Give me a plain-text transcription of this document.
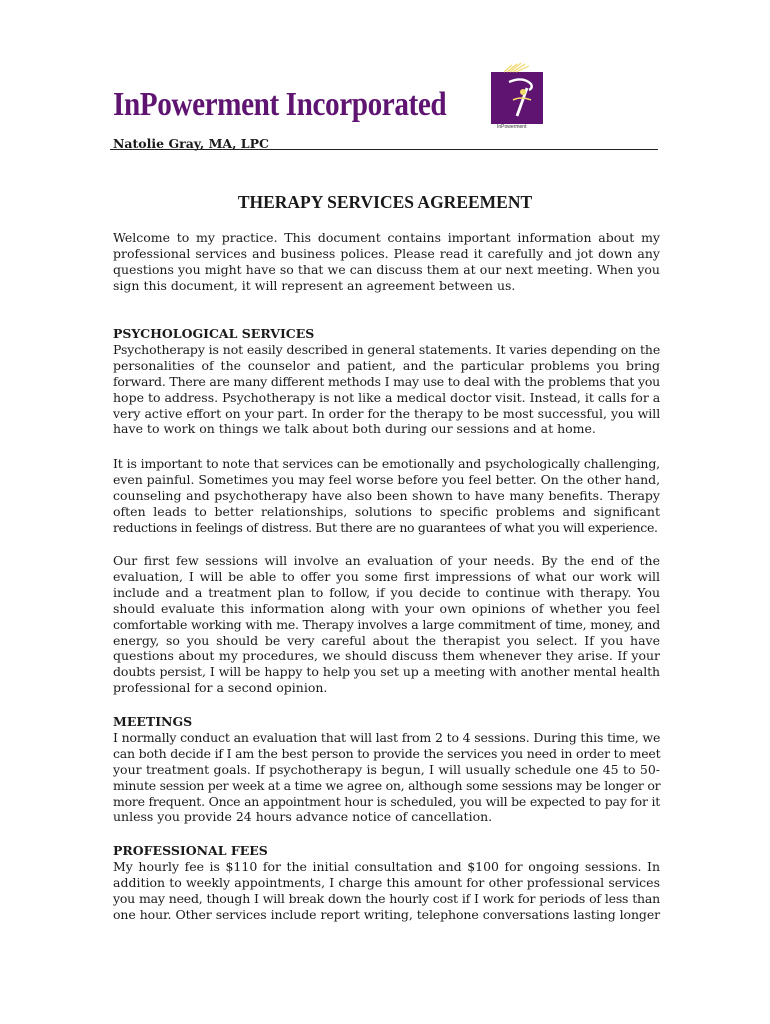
InPowerment Incorporated
InPowerment
Natolie Gray, MA, LPC
THERAPY SERVICES AGREEMENT
Welcome to my practice. This document contains important information about my
professional services and business polices. Please read it carefully and jot down any
questions you might have so that we can discuss them at our next meeting. When you
sign this document, it will represent an agreement between us.
PSYCHOLOGICAL SERVICES
Psychotherapy is not easily described in general statements. It varies depending on the
personalities of the counselor and patient, and the particular problems you bring
forward. There are many different methods I may use to deal with the problems that you
hope to address. Psychotherapy is not like a medical doctor visit. Instead, it calls for a
very active effort on your part. In order for the therapy to be most successful, you will
have to work on things we talk about both during our sessions and at home.
It is important to note that services can be emotionally and psychologically challenging,
even painful. Sometimes you may feel worse before you feel better. On the other hand,
counseling and psychotherapy have also been shown to have many benefits. Therapy
often leads to better relationships, solutions to specific problems and significant
reductions in feelings of distress. But there are no guarantees of what you will experience.
Our first few sessions will involve an evaluation of your needs. By the end of the
evaluation, I will be able to offer you some first impressions of what our work will
include and a treatment plan to follow, if you decide to continue with therapy. You
should evaluate this information along with your own opinions of whether you feel
comfortable working with me. Therapy involves a large commitment of time, money, and
energy, so you should be very careful about the therapist you select. If you have
questions about my procedures, we should discuss them whenever they arise. If your
doubts persist, I will be happy to help you set up a meeting with another mental health
professional for a second opinion.
MEETINGS
I normally conduct an evaluation that will last from 2 to 4 sessions. During this time, we
can both decide if I am the best person to provide the services you need in order to meet
your treatment goals. If psychotherapy is begun, I will usually schedule one 45 to 50-
minute session per week at a time we agree on, although some sessions may be longer or
more frequent. Once an appointment hour is scheduled, you will be expected to pay for it
unless you provide 24 hours advance notice of cancellation.
PROFESSIONAL FEES
My hourly fee is $110 for the initial consultation and $100 for ongoing sessions. In
addition to weekly appointments, I charge this amount for other professional services
you may need, though I will break down the hourly cost if I work for periods of less than
one hour. Other services include report writing, telephone conversations lasting longer
